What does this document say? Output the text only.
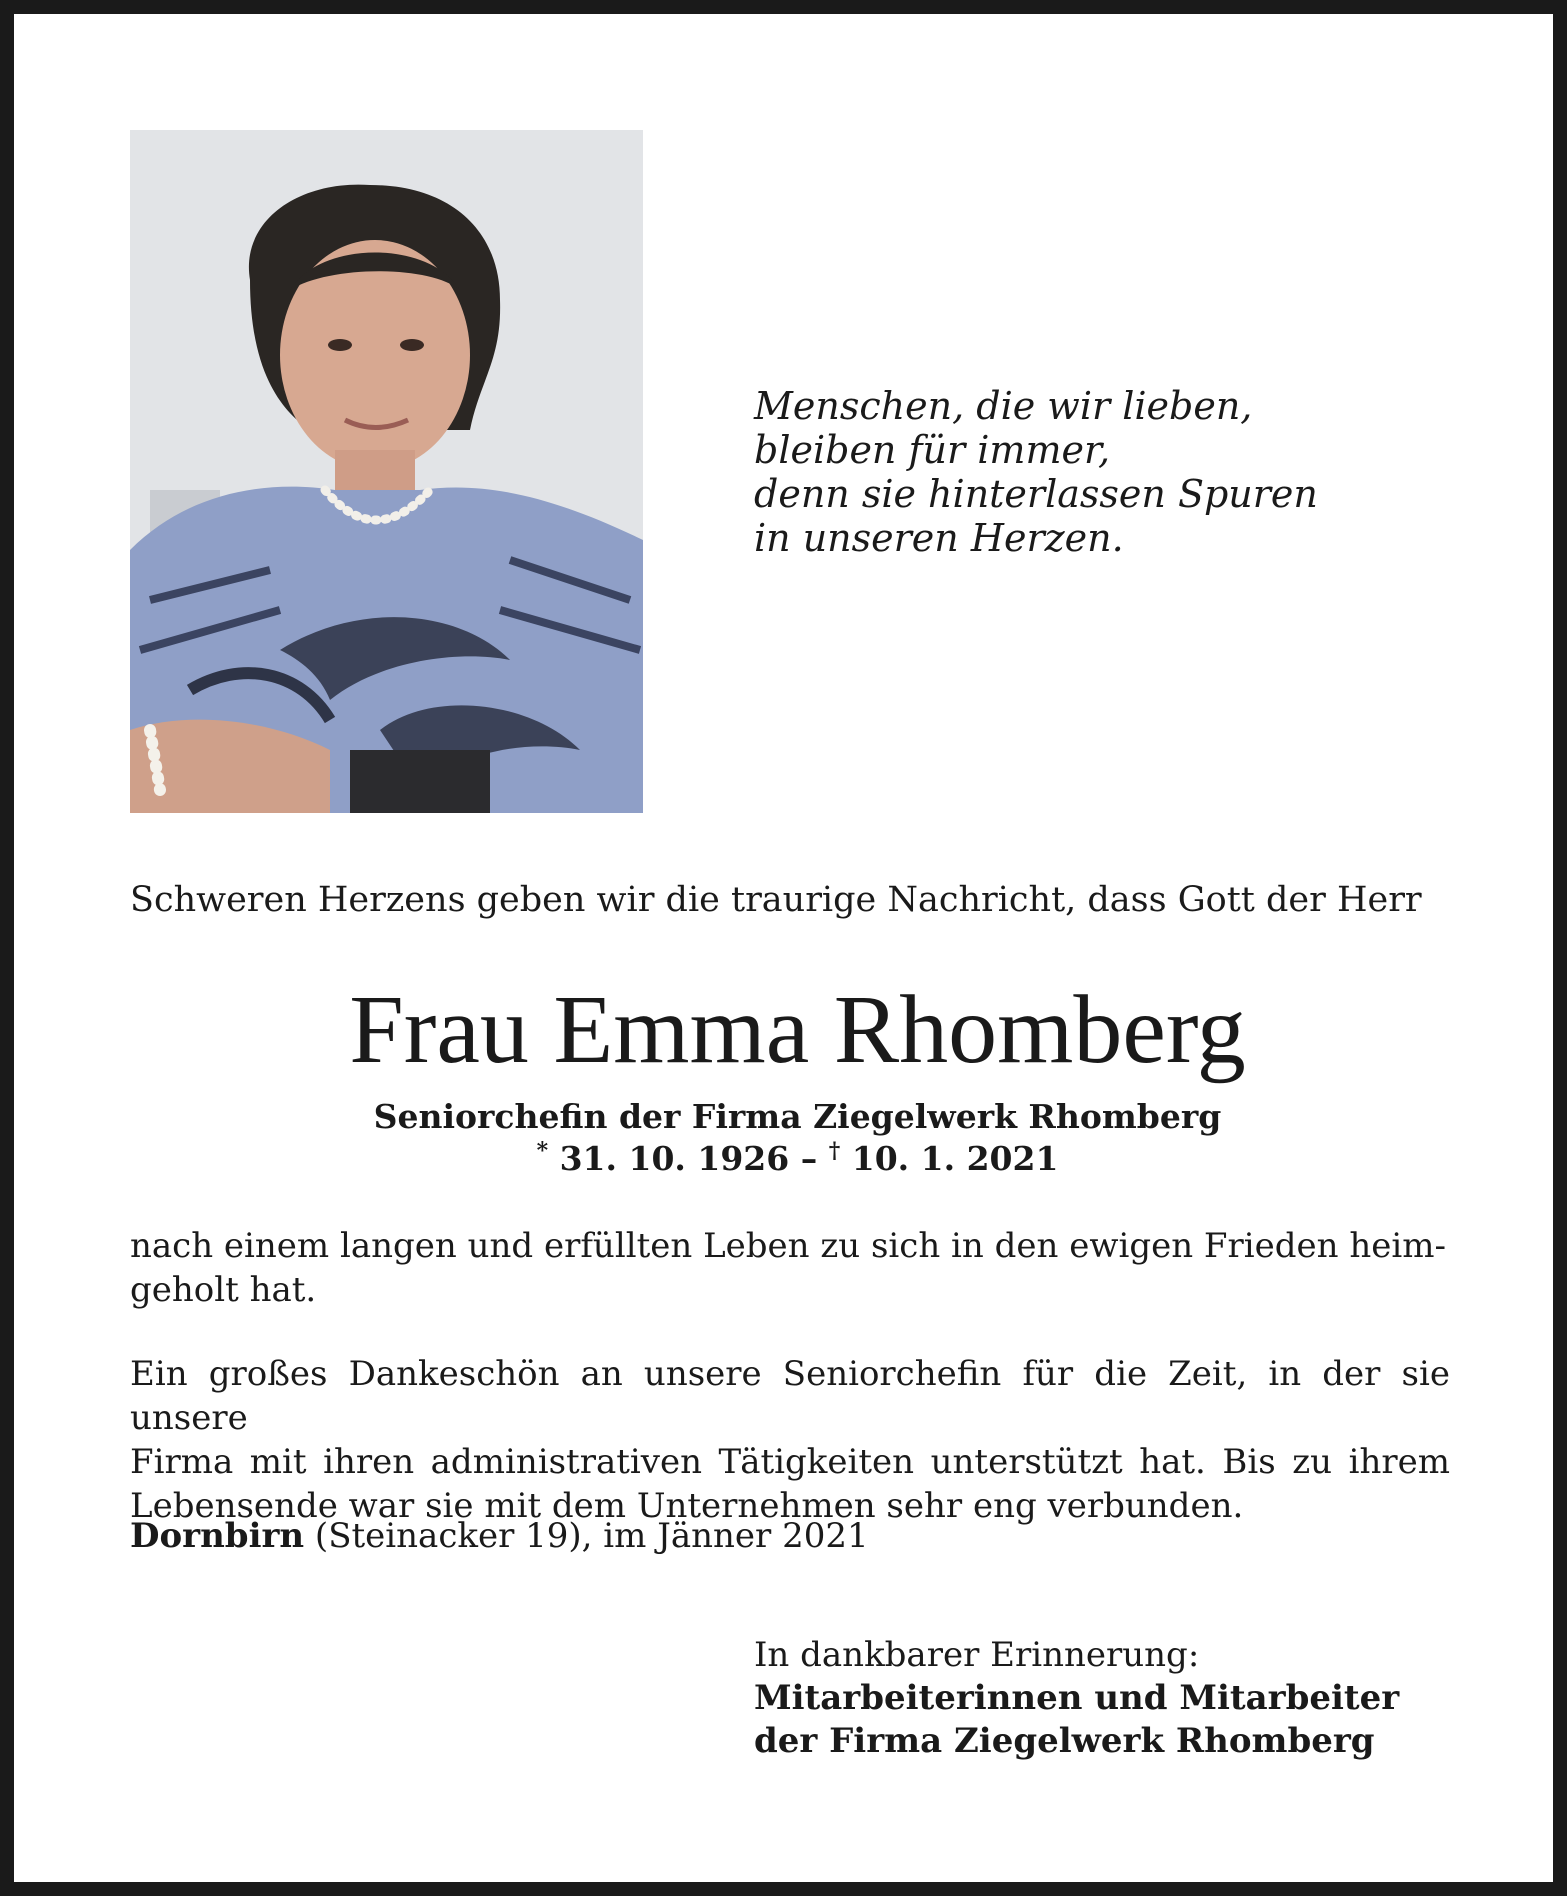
Menschen, die wir lieben,
bleiben für immer,
denn sie hinterlassen Spuren
in unseren Herzen.
Schweren Herzens geben wir die traurige Nachricht, dass Gott der Herr
Frau Emma Rhomberg
Seniorchefin der Firma Ziegelwerk Rhomberg
* 31. 10. 1926 – † 10. 1. 2021
nach einem langen und erfüllten Leben zu sich in den ewigen Frieden heim-
geholt hat.
Ein großes Dankeschön an unsere Seniorchefin für die Zeit, in der sie unsere
Firma mit ihren administrativen Tätigkeiten unterstützt hat. Bis zu ihrem
Lebensende war sie mit dem Unternehmen sehr eng verbunden.
Dornbirn (Steinacker 19), im Jänner 2021
In dankbarer Erinnerung:
Mitarbeiterinnen und Mitarbeiter
der Firma Ziegelwerk Rhomberg
